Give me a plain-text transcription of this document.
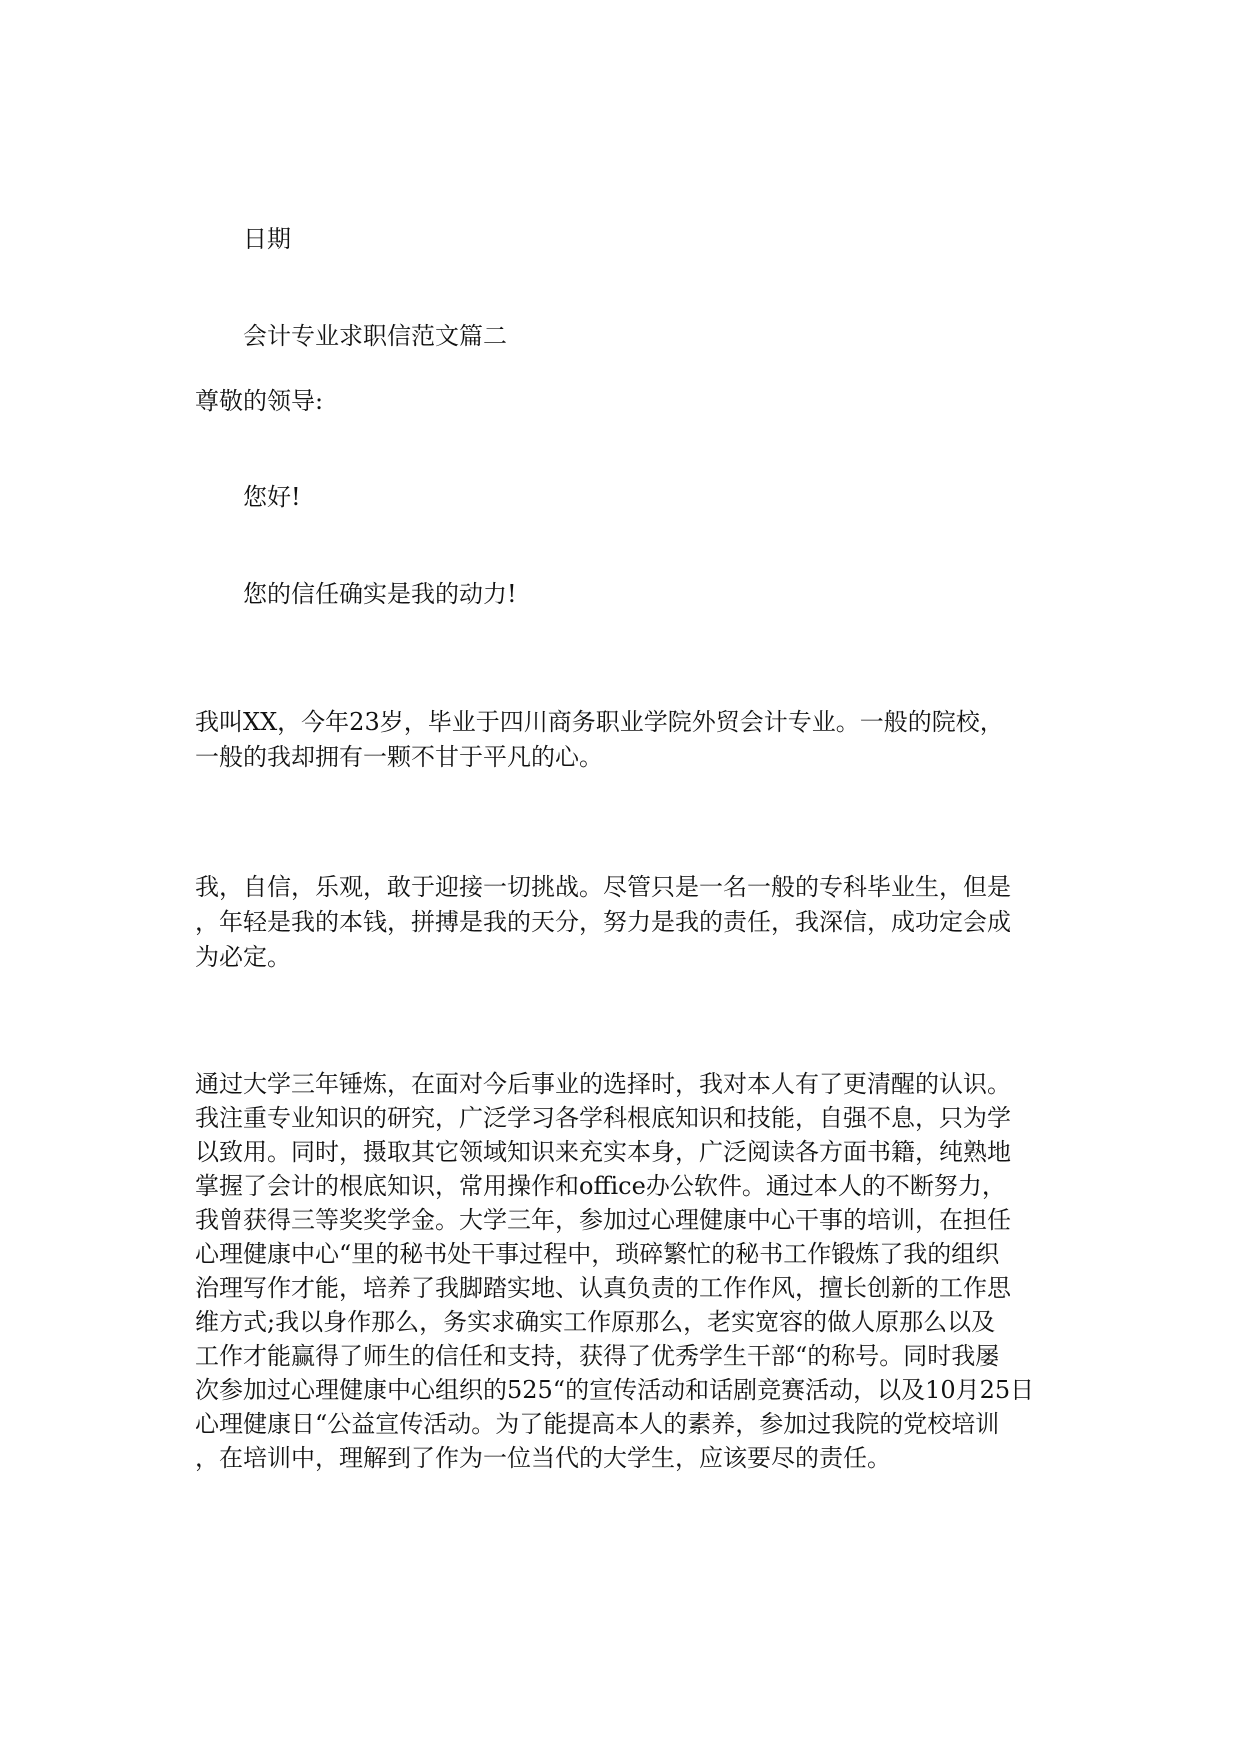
日期

会计专业求职信范文篇二

尊敬的领导:

您好!

您的信任确实是我的动力!

我叫XX，今年23岁，毕业于四川商务职业学院外贸会计专业。一般的院校，
一般的我却拥有一颗不甘于平凡的心。
我，自信，乐观，敢于迎接一切挑战。尽管只是一名一般的专科毕业生，但是
，年轻是我的本钱，拼搏是我的天分，努力是我的责任，我深信，成功定会成
为必定。
通过大学三年锤炼，在面对今后事业的选择时，我对本人有了更清醒的认识。
我注重专业知识的研究，广泛学习各学科根底知识和技能，自强不息，只为学
以致用。同时，摄取其它领域知识来充实本身，广泛阅读各方面书籍，纯熟地
掌握了会计的根底知识，常用操作和office办公软件。通过本人的不断努力，
我曾获得三等奖奖学金。大学三年，参加过心理健康中心干事的培训，在担任
心理健康中心“里的秘书处干事过程中，琐碎繁忙的秘书工作锻炼了我的组织
治理写作才能，培养了我脚踏实地、认真负责的工作作风，擅长创新的工作思
维方式;我以身作那么，务实求确实工作原那么，老实宽容的做人原那么以及
工作才能赢得了师生的信任和支持，获得了优秀学生干部“的称号。同时我屡
次参加过心理健康中心组织的525“的宣传活动和话剧竞赛活动，以及10月25日
心理健康日“公益宣传活动。为了能提高本人的素养，参加过我院的党校培训
，在培训中，理解到了作为一位当代的大学生，应该要尽的责任。
